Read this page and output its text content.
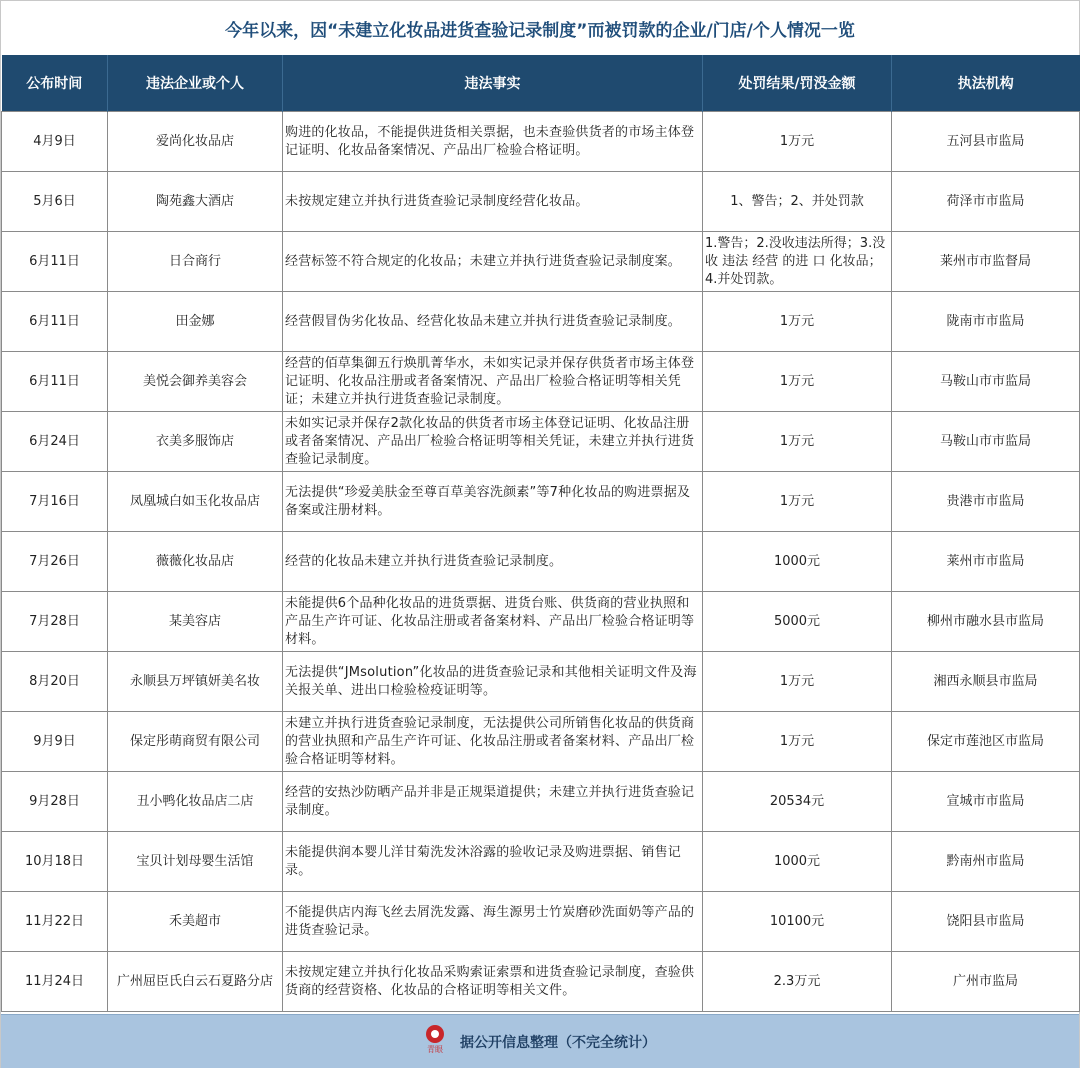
今年以来，因“未建立化妆品进货查验记录制度”而被罚款的企业/门店/个人情况一览
公布时间	违法企业或个人	违法事实	处罚结果/罚没金额	执法机构
4月9日	爱尚化妆品店	购进的化妆品，不能提供进货相关票据，也未查验供货者的市场主体登记证明、化妆品备案情况、产品出厂检验合格证明。	1万元	五河县市监局
5月6日	陶苑鑫大酒店	未按规定建立并执行进货查验记录制度经营化妆品。	1、警告；2、并处罚款	荷泽市市监局
6月11日	日合商行	经营标签不符合规定的化妆品；未建立并执行进货查验记录制度案。	1.警告；2.没收违法所得；3.没收 违法 经营 的进 口 化妆品；4.并处罚款。	莱州市市监督局
6月11日	田金娜	经营假冒伪劣化妆品、经营化妆品未建立并执行进货查验记录制度。	1万元	陇南市市监局
6月11日	美悦会御养美容会	经营的佰草集御五行焕肌菁华水，未如实记录并保存供货者市场主体登记证明、化妆品注册或者备案情况、产品出厂检验合格证明等相关凭证；未建立并执行进货查验记录制度。	1万元	马鞍山市市监局
6月24日	衣美多服饰店	未如实记录并保存2款化妆品的供货者市场主体登记证明、化妆品注册或者备案情况、产品出厂检验合格证明等相关凭证，未建立并执行进货查验记录制度。	1万元	马鞍山市市监局
7月16日	凤凰城白如玉化妆品店	无法提供“珍爱美肤金至尊百草美容洗颜素”等7种化妆品的购进票据及备案或注册材料。	1万元	贵港市市监局
7月26日	薇薇化妆品店	经营的化妆品未建立并执行进货查验记录制度。	1000元	莱州市市监局
7月28日	某美容店	未能提供6个品种化妆品的进货票据、进货台账、供货商的营业执照和产品生产许可证、化妆品注册或者备案材料、产品出厂检验合格证明等材料。	5000元	柳州市融水县市监局
8月20日	永顺县万坪镇妍美名妆	无法提供“JMsolution”化妆品的进货查验记录和其他相关证明文件及海关报关单、进出口检验检疫证明等。	1万元	湘西永顺县市监局
9月9日	保定彤萌商贸有限公司	未建立并执行进货查验记录制度，无法提供公司所销售化妆品的供货商的营业执照和产品生产许可证、化妆品注册或者备案材料、产品出厂检验合格证明等材料。	1万元	保定市莲池区市监局
9月28日	丑小鸭化妆品店二店	经营的安热沙防晒产品并非是正规渠道提供；未建立并执行进货查验记录制度。	20534元	宣城市市监局
10月18日	宝贝计划母婴生活馆	未能提供润本婴儿洋甘菊洗发沐浴露的验收记录及购进票据、销售记录。	1000元	黔南州市监局
11月22日	禾美超市	不能提供店内海飞丝去屑洗发露、海生源男士竹炭磨砂洗面奶等产品的进货查验记录。	10100元	饶阳县市监局
11月24日	广州屈臣氏白云石夏路分店	未按规定建立并执行化妆品采购索证索票和进货查验记录制度，查验供货商的经营资格、化妆品的合格证明等相关文件。	2.3万元	广州市监局
青眼 据公开信息整理（不完全统计）
